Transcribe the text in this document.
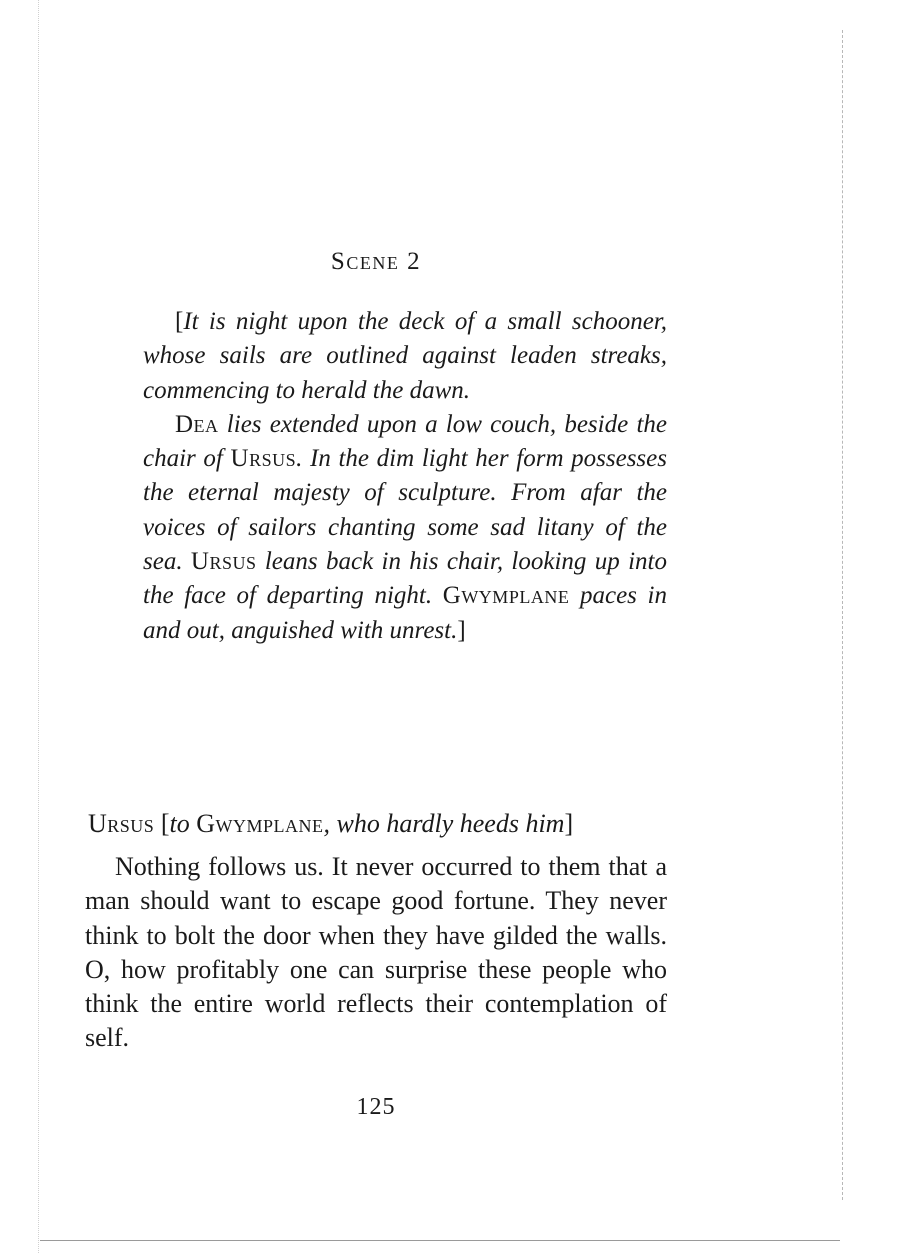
Scene 2

[It is night upon the deck of a small schooner, whose sails are outlined against leaden streaks, commencing to herald the dawn.

Dea lies extended upon a low couch, beside the chair of Ursus. In the dim light her form possesses the eternal majesty of sculpture. From afar the voices of sailors chanting some sad litany of the sea. Ursus leans back in his chair, looking up into the face of departing night. Gwymplane paces in and out, anguished with unrest.]

Ursus [to Gwymplane, who hardly heeds him]

Nothing follows us. It never occurred to them that a man should want to escape good fortune. They never think to bolt the door when they have gilded the walls. O, how profitably one can surprise these people who think the entire world reflects their contemplation of self.

125
